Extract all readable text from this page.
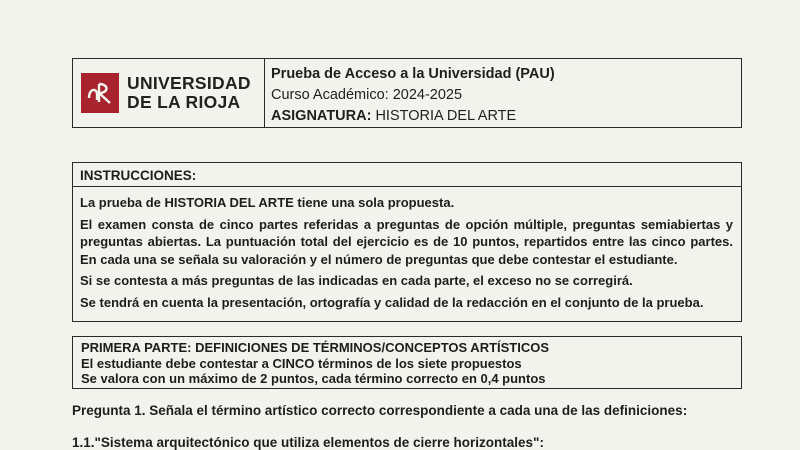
UNIVERSIDAD
DE LA RIOJA
Prueba de Acceso a la Universidad (PAU)
Curso Académico: 2024-2025
ASIGNATURA: HISTORIA DEL ARTE
INSTRUCCIONES:

La prueba de HISTORIA DEL ARTE tiene una sola propuesta.

El examen consta de cinco partes referidas a preguntas de opción múltiple, preguntas semiabiertas y preguntas abiertas. La puntuación total del ejercicio es de 10 puntos, repartidos entre las cinco partes. En cada una se señala su valoración y el número de preguntas que debe contestar el estudiante.

Si se contesta a más preguntas de las indicadas en cada parte, el exceso no se corregirá.

Se tendrá en cuenta la presentación, ortografía y calidad de la redacción en el conjunto de la prueba.

PRIMERA PARTE: DEFINICIONES DE TÉRMINOS/CONCEPTOS ARTÍSTICOS
El estudiante debe contestar a CINCO términos de los siete propuestos
Se valora con un máximo de 2 puntos, cada término correcto en 0,4 puntos
Pregunta 1. Señala el término artístico correcto correspondiente a cada una de las definiciones:
1.1."Sistema arquitectónico que utiliza elementos de cierre horizontales":
